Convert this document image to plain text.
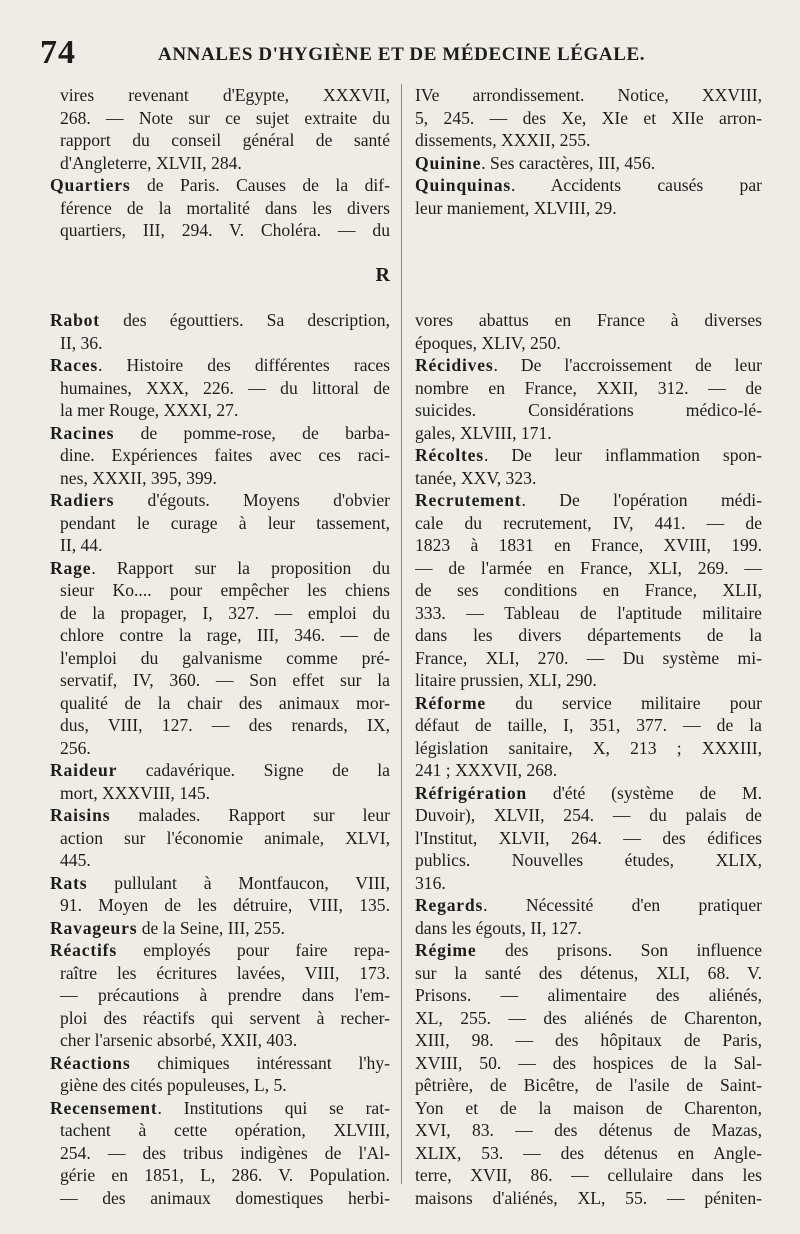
74	ANNALES D'HYGIÈNE ET DE MÉDECINE LÉGALE.
vires revenant d'Egypte, XXXVII,
268. — Note sur ce sujet extraite du
rapport du conseil général de santé
d'Angleterre, XLVII, 284.
Quartiers de Paris. Causes de la dif-
férence de la mortalité dans les divers
quartiers, III, 294. V. Choléra. — du
R
Rabot des égouttiers. Sa description,
II, 36.
Races. Histoire des différentes races
humaines, XXX, 226. — du littoral de
la mer Rouge, XXXI, 27.
Racines de pomme-rose, de barba-
dine. Expériences faites avec ces raci-
nes, XXXII, 395, 399.
Radiers d'égouts. Moyens d'obvier
pendant le curage à leur tassement,
II, 44.
Rage. Rapport sur la proposition du
sieur Ko.... pour empêcher les chiens
de la propager, I, 327. — emploi du
chlore contre la rage, III, 346. — de
l'emploi du galvanisme comme pré-
servatif, IV, 360. — Son effet sur la
qualité de la chair des animaux mor-
dus, VIII, 127. — des renards, IX,
256.
Raideur cadavérique. Signe de la
mort, XXXVIII, 145.
Raisins malades. Rapport sur leur
action sur l'économie animale, XLVI,
445.
Rats pullulant à Montfaucon, VIII,
91. Moyen de les détruire, VIII, 135.
Ravageurs de la Seine, III, 255.
Réactifs employés pour faire repa-
raître les écritures lavées, VIII, 173.
— précautions à prendre dans l'em-
ploi des réactifs qui servent à recher-
cher l'arsenic absorbé, XXII, 403.
Réactions chimiques intéressant l'hy-
giène des cités populeuses, L, 5.
Recensement. Institutions qui se rat-
tachent à cette opération, XLVIII,
254. — des tribus indigènes de l'Al-
gérie en 1851, L, 286. V. Population.
— des animaux domestiques herbi-
IVe arrondissement. Notice, XXVIII,
5, 245. — des Xe, XIe et XIIe arron-
dissements, XXXII, 255.
Quinine. Ses caractères, III, 456.
Quinquinas. Accidents causés par
leur maniement, XLVIII, 29.
vores abattus en France à diverses
époques, XLIV, 250.
Récidives. De l'accroissement de leur
nombre en France, XXII, 312. — de
suicides. Considérations médico-lé-
gales, XLVIII, 171.
Récoltes. De leur inflammation spon-
tanée, XXV, 323.
Recrutement. De l'opération médi-
cale du recrutement, IV, 441. — de
1823 à 1831 en France, XVIII, 199.
— de l'armée en France, XLI, 269. —
de ses conditions en France, XLII,
333. — Tableau de l'aptitude militaire
dans les divers départements de la
France, XLI, 270. — Du système mi-
litaire prussien, XLI, 290.
Réforme du service militaire pour
défaut de taille, I, 351, 377. — de la
législation sanitaire, X, 213 ; XXXIII,
241 ; XXXVII, 268.
Réfrigération d'été (système de M.
Duvoir), XLVII, 254. — du palais de
l'Institut, XLVII, 264. — des édifices
publics. Nouvelles études, XLIX,
316.
Regards. Nécessité d'en pratiquer
dans les égouts, II, 127.
Régime des prisons. Son influence
sur la santé des détenus, XLI, 68. V.
Prisons. — alimentaire des aliénés,
XL, 255. — des aliénés de Charenton,
XIII, 98. — des hôpitaux de Paris,
XVIII, 50. — des hospices de la Sal-
pêtrière, de Bicêtre, de l'asile de Saint-
Yon et de la maison de Charenton,
XVI, 83. — des détenus de Mazas,
XLIX, 53. — des détenus en Angle-
terre, XVII, 86. — cellulaire dans les
maisons d'aliénés, XL, 55. — péniten-
